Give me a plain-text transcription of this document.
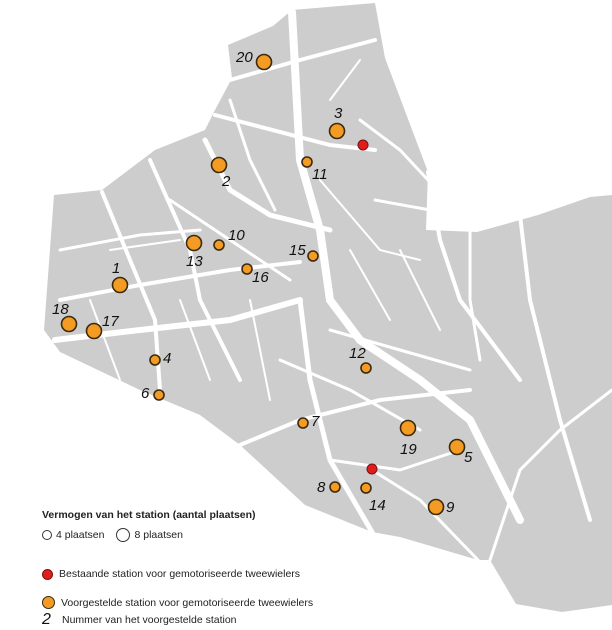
1
2
3
4
5
6
7
8
9
10
11
12
13
14
15
16
17
18
19
20
Vermogen van het station (aantal plaatsen)
4 plaatsen	8 plaatsen
Bestaande station voor gemotoriseerde tweewielers
Voorgestelde station voor gemotoriseerde tweewielers
2 Nummer van het voorgestelde station
